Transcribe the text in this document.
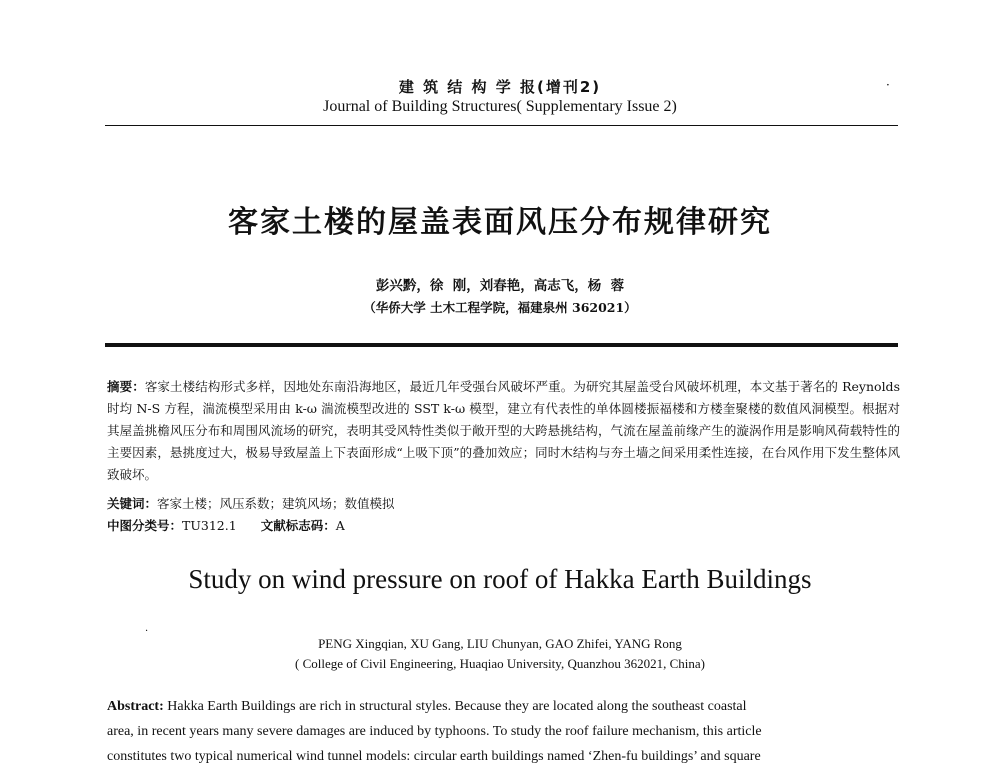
建 筑 结 构 学 报(增刊2)	·
Journal of Building Structures( Supplementary Issue 2)
客家土楼的屋盖表面风压分布规律研究
彭兴黔，徐  刚，刘春艳，高志飞，杨  蓉
（华侨大学 土木工程学院，福建泉州 362021）
摘要：客家土楼结构形式多样，因地处东南沿海地区，最近几年受强台风破坏严重。为研究其屋盖受台风破坏机理，本文基于著名的 Reynolds 时均 N-S 方程，湍流模型采用由 k-ω 湍流模型改进的 SST k-ω 模型，建立有代表性的单体圆楼振福楼和方楼奎聚楼的数值风洞模型。根据对其屋盖挑檐风压分布和周围风流场的研究，表明其受风特性类似于敞开型的大跨悬挑结构，气流在屋盖前缘产生的漩涡作用是影响风荷载特性的主要因素，悬挑度过大，极易导致屋盖上下表面形成“上吸下顶”的叠加效应；同时木结构与夯土墙之间采用柔性连接，在台风作用下发生整体风致破坏。
关键词：客家土楼；风压系数；建筑风场；数值模拟
中图分类号：TU312.1 文献标志码：A
Study on wind pressure on roof of Hakka Earth Buildings
·
PENG Xingqian, XU Gang, LIU Chunyan, GAO Zhifei, YANG Rong
( College of Civil Engineering, Huaqiao University, Quanzhou 362021, China)
Abstract: Hakka Earth Buildings are rich in structural styles. Because they are located along the southeast coastal
area, in recent years many severe damages are induced by typhoons. To study the roof failure mechanism, this article
constitutes two typical numerical wind tunnel models: circular earth buildings named ‘Zhen-fu buildings’ and square
